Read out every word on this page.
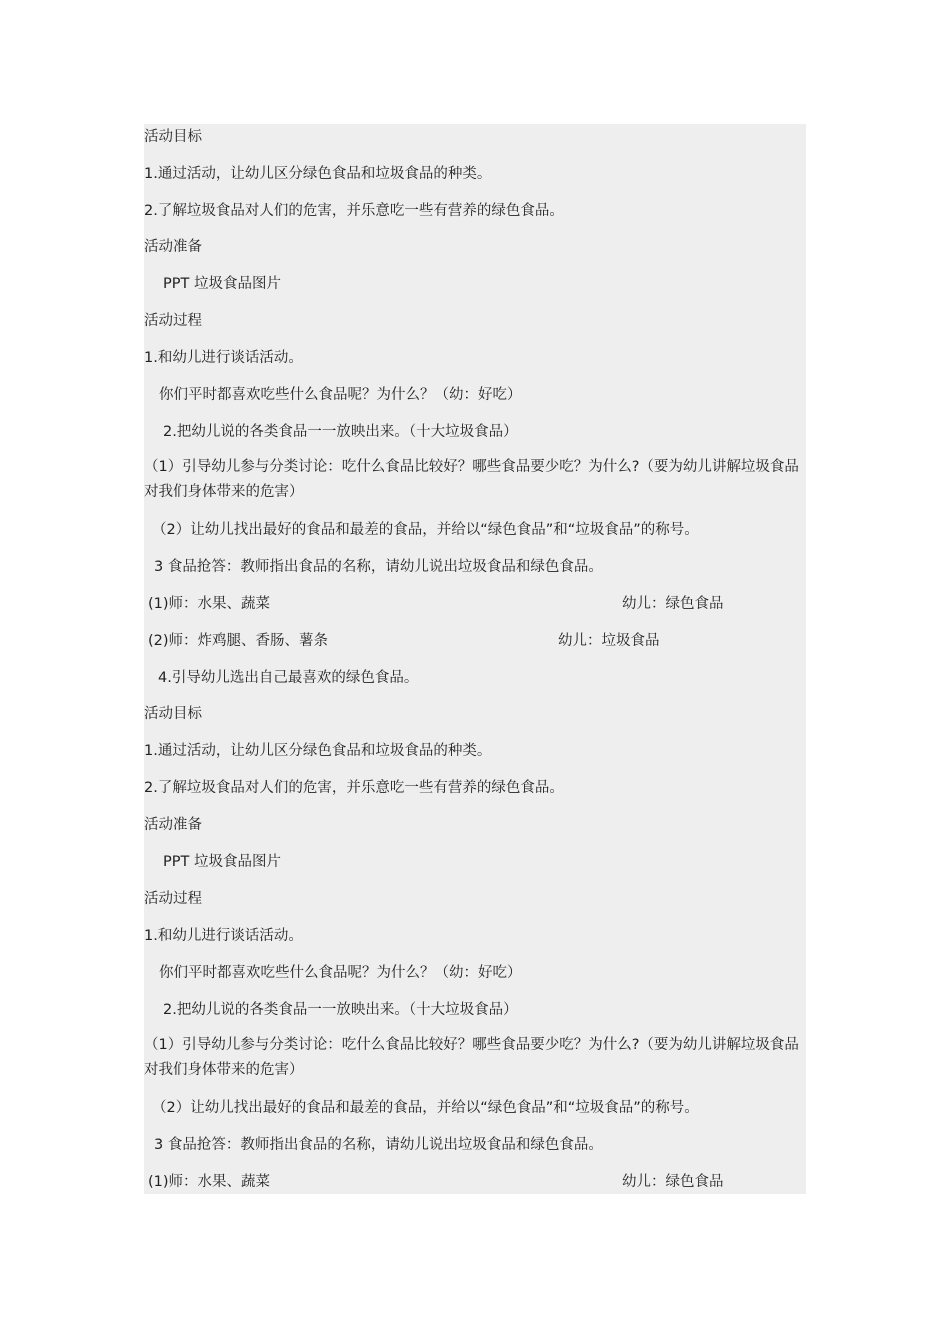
活动目标
1.通过活动，让幼儿区分绿色食品和垃圾食品的种类。
2.了解垃圾食品对人们的危害，并乐意吃一些有营养的绿色食品。
活动准备
PPT 垃圾食品图片
活动过程
1.和幼儿进行谈话活动。
你们平时都喜欢吃些什么食品呢？为什么？（幼：好吃）
2.把幼儿说的各类食品一一放映出来。（十大垃圾食品）
（1）引导幼儿参与分类讨论：吃什么食品比较好？哪些食品要少吃？为什么?（要为幼儿讲解垃圾食品对我们身体带来的危害）
（2）让幼儿找出最好的食品和最差的食品，并给以“绿色食品”和“垃圾食品”的称号。
3 食品抢答：教师指出食品的名称，请幼儿说出垃圾食品和绿色食品。
(1)师：水果、蔬菜	幼儿：绿色食品
(2)师：炸鸡腿、香肠、薯条	幼儿：垃圾食品
4.引导幼儿选出自己最喜欢的绿色食品。
活动目标
1.通过活动，让幼儿区分绿色食品和垃圾食品的种类。
2.了解垃圾食品对人们的危害，并乐意吃一些有营养的绿色食品。
活动准备
PPT 垃圾食品图片
活动过程
1.和幼儿进行谈话活动。
你们平时都喜欢吃些什么食品呢？为什么？（幼：好吃）
2.把幼儿说的各类食品一一放映出来。（十大垃圾食品）
（1）引导幼儿参与分类讨论：吃什么食品比较好？哪些食品要少吃？为什么?（要为幼儿讲解垃圾食品对我们身体带来的危害）
（2）让幼儿找出最好的食品和最差的食品，并给以“绿色食品”和“垃圾食品”的称号。
3 食品抢答：教师指出食品的名称，请幼儿说出垃圾食品和绿色食品。
(1)师：水果、蔬菜	幼儿：绿色食品
